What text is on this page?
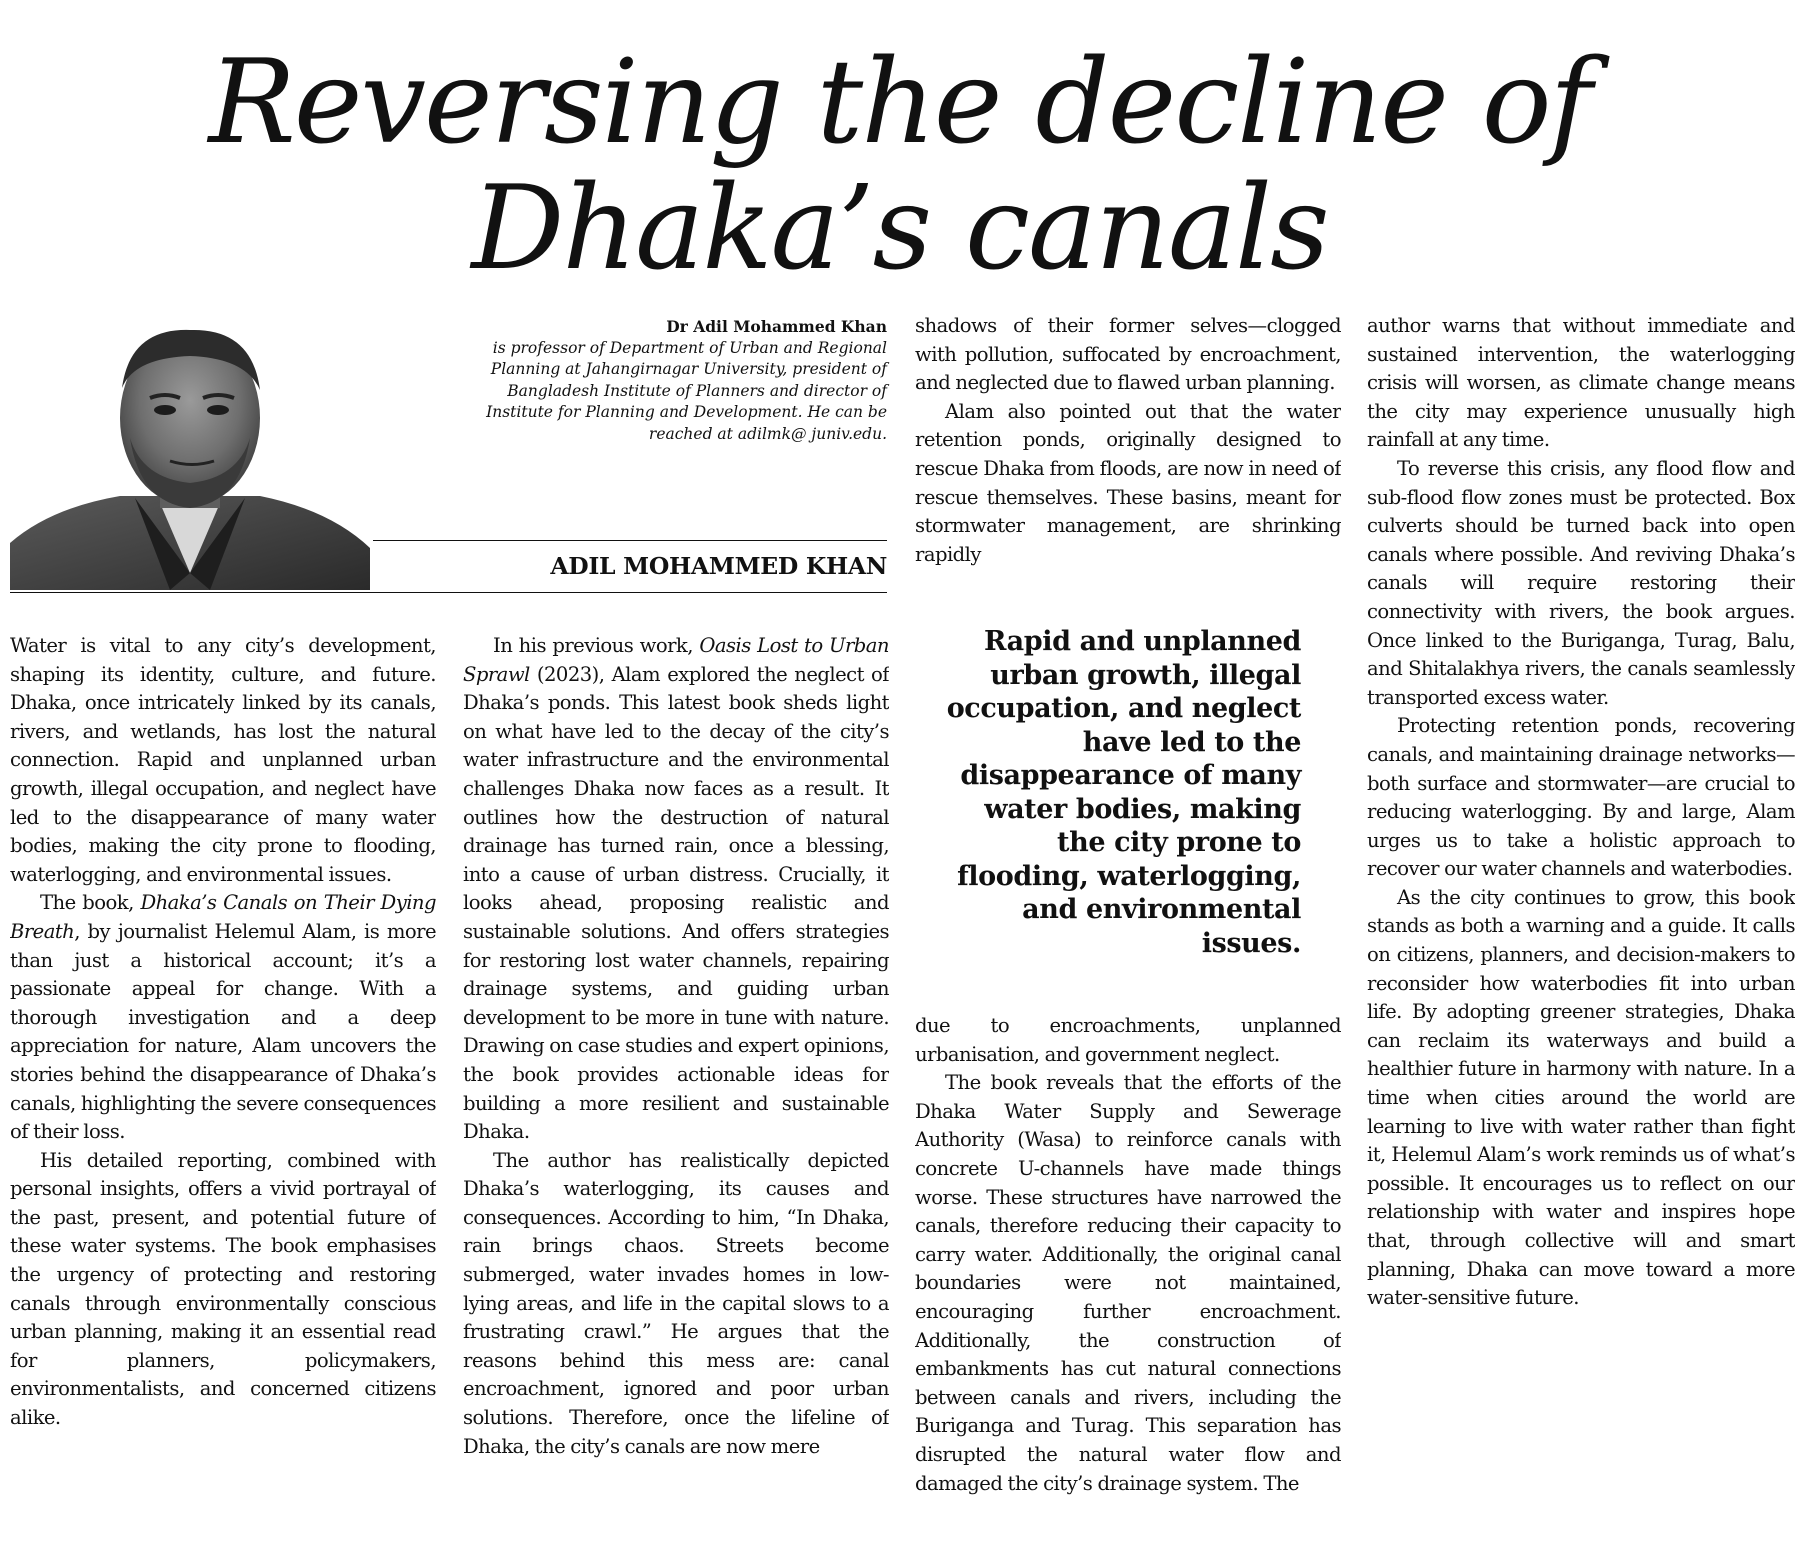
Reversing the decline of
Dhaka’s canals
Dr Adil Mohammed Khan
is professor of Department of Urban and Regional Planning at Jahangirnagar University, president of Bangladesh Institute of Planners and director of Institute for Planning and Development. He can be reached at adilmk@ juniv.edu.
ADIL MOHAMMED KHAN

Water is vital to any city’s development, shaping its identity, culture, and future. Dhaka, once intricately linked by its canals, rivers, and wetlands, has lost the natural connection. Rapid and unplanned urban growth, illegal occupation, and neglect have led to the disappearance of many water bodies, making the city prone to flooding, waterlogging, and environmental issues.

The book, Dhaka’s Canals on Their Dying Breath, by journalist Helemul Alam, is more than just a historical account; it’s a passionate appeal for change. With a thorough investigation and a deep appreciation for nature, Alam uncovers the stories behind the disappearance of Dhaka’s canals, highlighting the severe consequences of their loss.

His detailed reporting, combined with personal insights, offers a vivid portrayal of the past, present, and potential future of these water systems. The book emphasises the urgency of protecting and restoring canals through environmentally conscious urban planning, making it an essential read for planners, policymakers, environmentalists, and concerned citizens alike.

In his previous work, Oasis Lost to Urban Sprawl (2023), Alam explored the neglect of Dhaka’s ponds. This latest book sheds light on what have led to the decay of the city’s water infrastructure and the environmental challenges Dhaka now faces as a result. It outlines how the destruction of natural drainage has turned rain, once a blessing, into a cause of urban distress. Crucially, it looks ahead, proposing realistic and sustainable solutions. And offers strategies for restoring lost water channels, repairing drainage systems, and guiding urban development to be more in tune with nature. Drawing on case studies and expert opinions, the book provides actionable ideas for building a more resilient and sustainable Dhaka.

The author has realistically depicted Dhaka’s waterlogging, its causes and consequences. According to him, “In Dhaka, rain brings chaos. Streets become submerged, water invades homes in low-lying areas, and life in the capital slows to a frustrating crawl.” He argues that the reasons behind this mess are: canal encroachment, ignored and poor urban solutions. Therefore, once the lifeline of Dhaka, the city’s canals are now mere

shadows of their former selves—clogged with pollution, suffocated by encroachment, and neglected due to flawed urban planning.

Alam also pointed out that the water retention ponds, originally designed to rescue Dhaka from floods, are now in need of rescue themselves. These basins, meant for stormwater management, are shrinking rapidly

Rapid and unplanned urban growth, illegal occupation, and neglect have led to the disappearance of many water bodies, making the city prone to flooding, waterlogging, and environmental issues.

due to encroachments, unplanned urbanisation, and government neglect.

The book reveals that the efforts of the Dhaka Water Supply and Sewerage Authority (Wasa) to reinforce canals with concrete U-channels have made things worse. These structures have narrowed the canals, therefore reducing their capacity to carry water. Additionally, the original canal boundaries were not maintained, encouraging further encroachment. Additionally, the construction of embankments has cut natural connections between canals and rivers, including the Buriganga and Turag. This separation has disrupted the natural water flow and damaged the city’s drainage system. The

author warns that without immediate and sustained intervention, the waterlogging crisis will worsen, as climate change means the city may experience unusually high rainfall at any time.

To reverse this crisis, any flood flow and sub-flood flow zones must be protected. Box culverts should be turned back into open canals where possible. And reviving Dhaka’s canals will require restoring their connectivity with rivers, the book argues. Once linked to the Buriganga, Turag, Balu, and Shitalakhya rivers, the canals seamlessly transported excess water.

Protecting retention ponds, recovering canals, and maintaining drainage networks—both surface and stormwater—are crucial to reducing waterlogging. By and large, Alam urges us to take a holistic approach to recover our water channels and waterbodies.

As the city continues to grow, this book stands as both a warning and a guide. It calls on citizens, planners, and decision-makers to reconsider how waterbodies fit into urban life. By adopting greener strategies, Dhaka can reclaim its waterways and build a healthier future in harmony with nature. In a time when cities around the world are learning to live with water rather than fight it, Helemul Alam’s work reminds us of what’s possible. It encourages us to reflect on our relationship with water and inspires hope that, through collective will and smart planning, Dhaka can move toward a more water-sensitive future.
